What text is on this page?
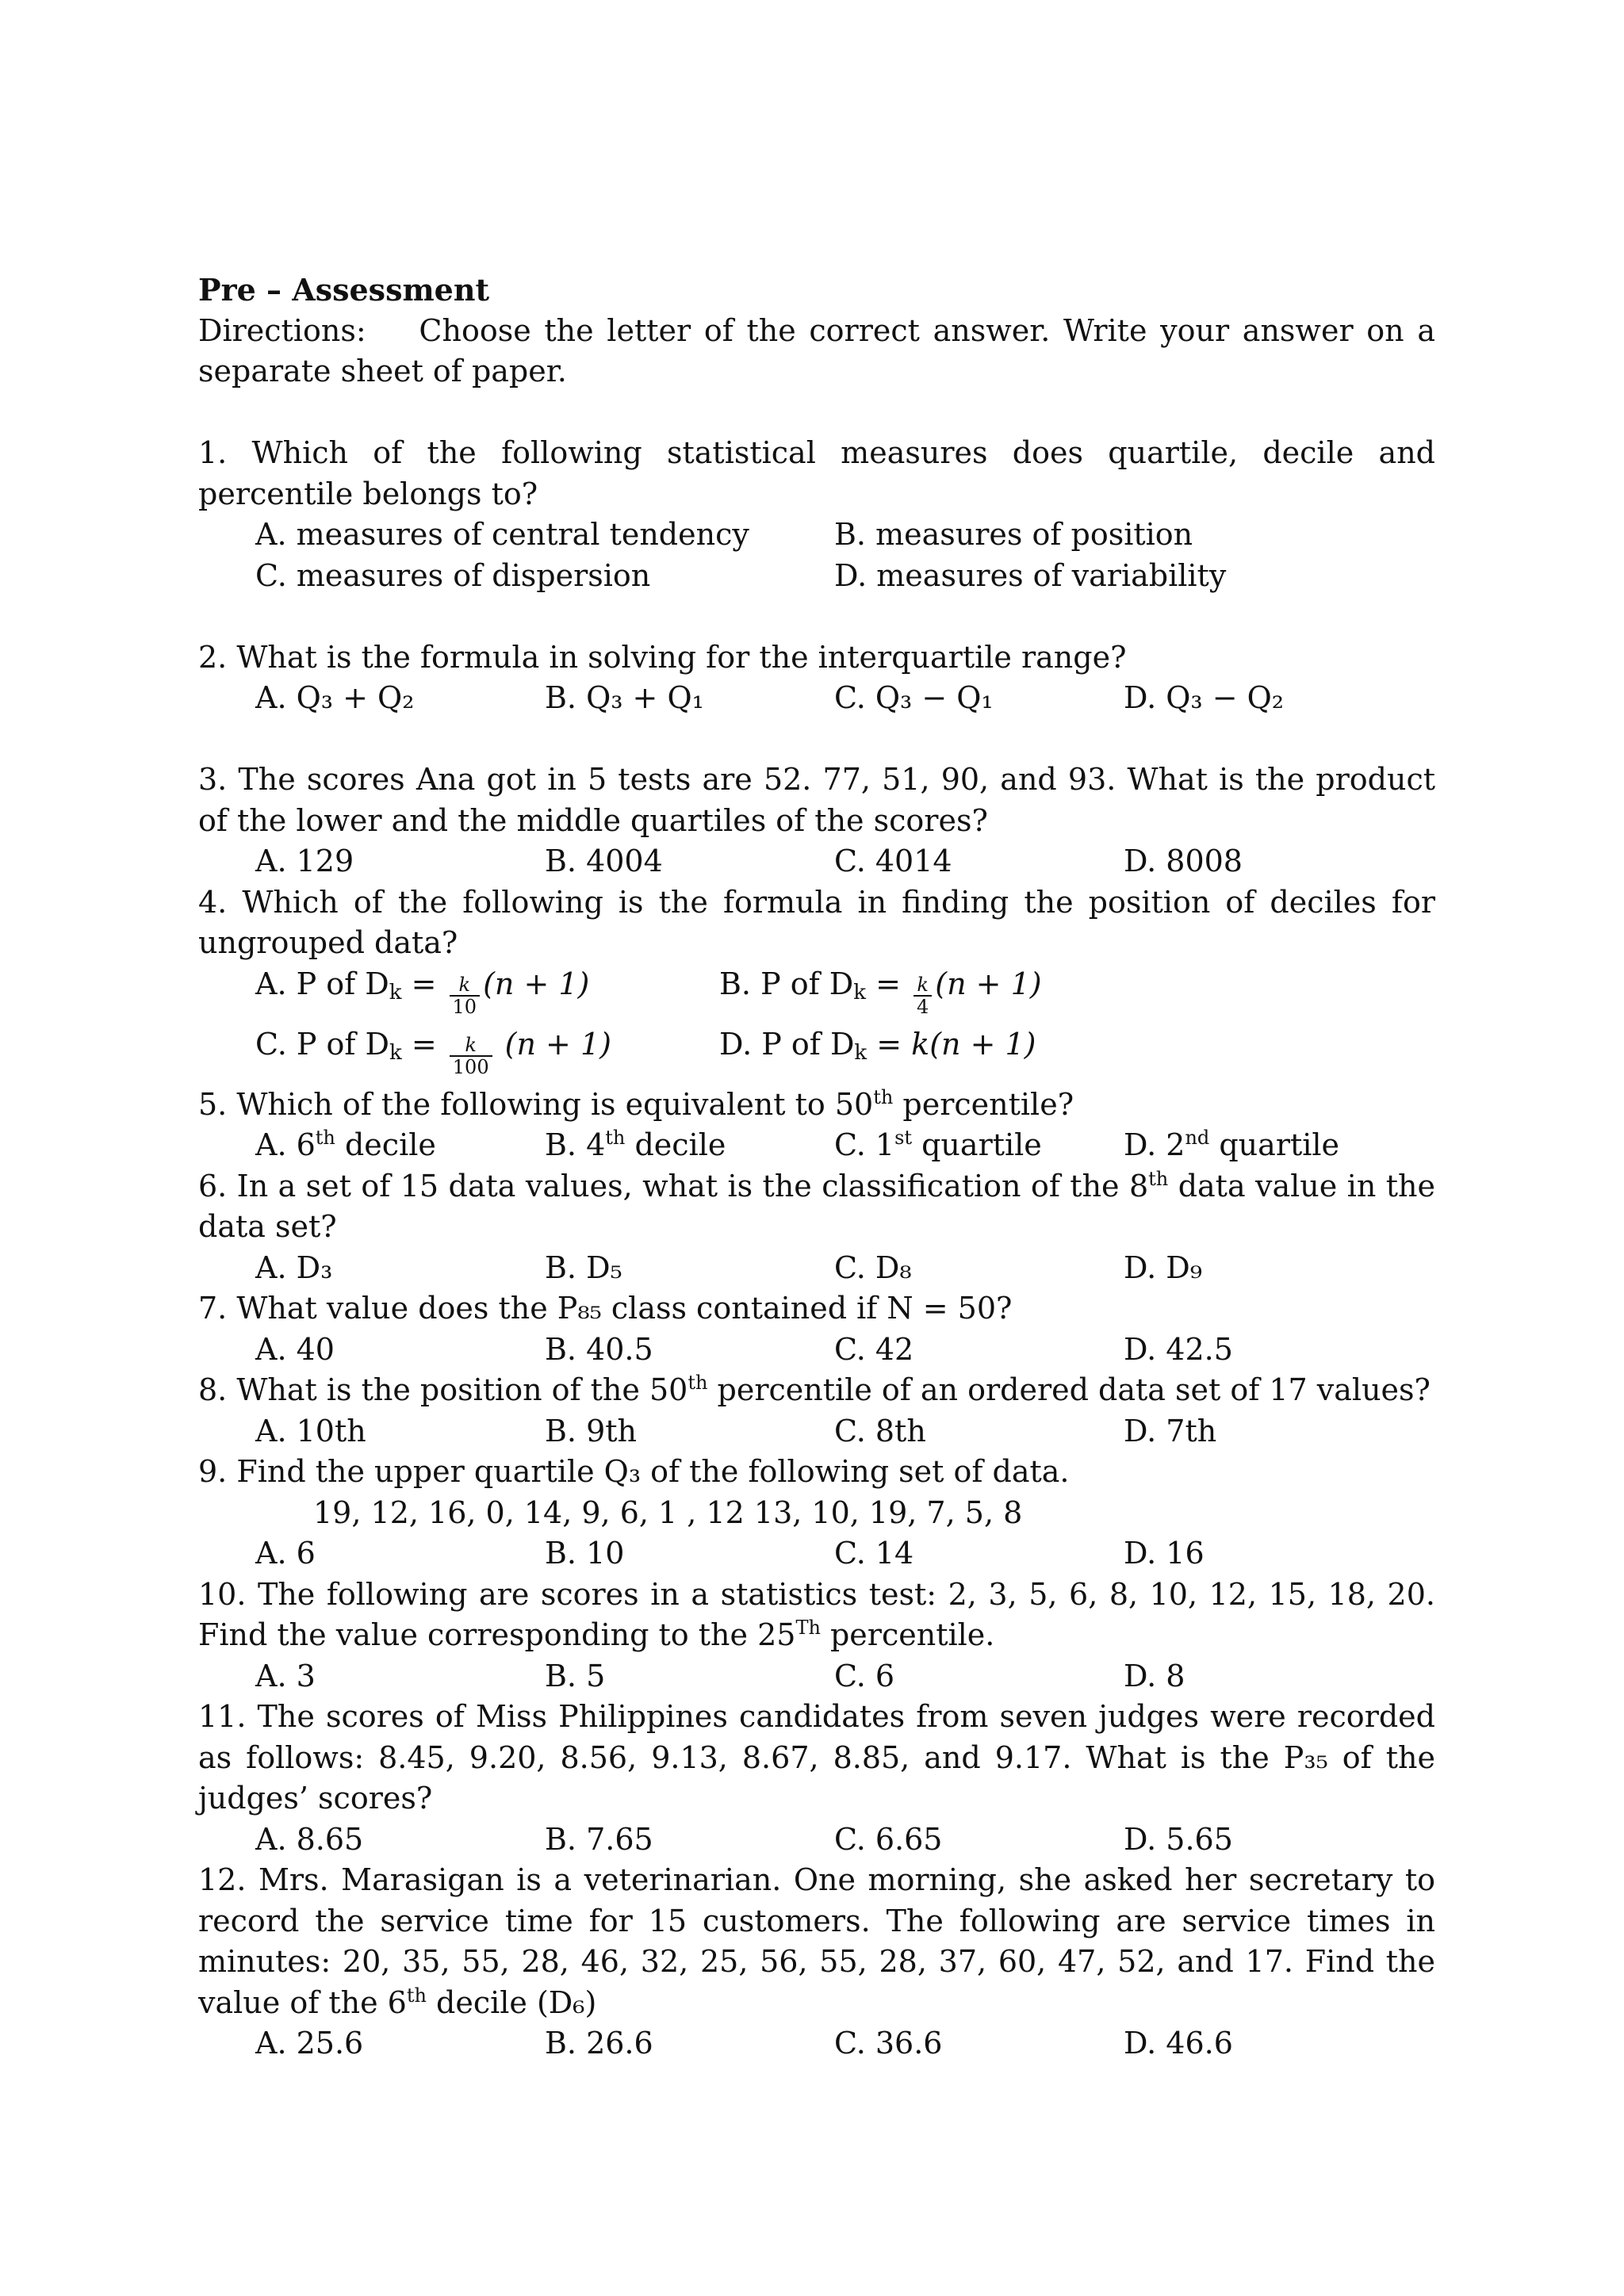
Pre – Assessment
Directions: Choose the letter of the correct answer. Write your answer on a separate sheet of paper.
1. Which of the following statistical measures does quartile, decile and percentile belongs to?
A. measures of central tendency	B. measures of position
C. measures of dispersion	D. measures of variability
2. What is the formula in solving for the interquartile range?
A. Q₃ + Q₂	B. Q₃ + Q₁	C. Q₃ − Q₁	D. Q₃ − Q₂
3. The scores Ana got in 5 tests are 52. 77, 51, 90, and 93. What is the product of the lower and the middle quartiles of the scores?
A. 129	B. 4004	C. 4014	D. 8008
4. Which of the following is the formula in finding the position of deciles for ungrouped data?
A. P of $D_k = \frac{k}{10} (n + 1)$	B. P of $D_k = \frac{k}{4} (n + 1)$
C. P of $D_k = \frac{k}{100} (n + 1)$	D. P of $D_k = k(n + 1)$
5. Which of the following is equivalent to 50th percentile?
A. 6th decile	B. 4th decile	C. 1st quartile	D. 2nd quartile
6. In a set of 15 data values, what is the classification of the 8th data value in the data set?
A. D₃	B. D₅	C. D₈	D. D₉
7. What value does the P₈₅ class contained if N = 50?
A. 40	B. 40.5	C. 42	D. 42.5
8. What is the position of the 50th percentile of an ordered data set of 17 values?
A. 10th	B. 9th	C. 8th	D. 7th
9. Find the upper quartile Q₃ of the following set of data.
19, 12, 16, 0, 14, 9, 6, 1 , 12 13, 10, 19, 7, 5, 8
A. 6	B. 10	C. 14	D. 16
10. The following are scores in a statistics test: 2, 3, 5, 6, 8, 10, 12, 15, 18, 20. Find the value corresponding to the 25Th percentile.
A. 3	B. 5	C. 6	D. 8
11. The scores of Miss Philippines candidates from seven judges were recorded as follows: 8.45, 9.20, 8.56, 9.13, 8.67, 8.85, and 9.17. What is the P₃₅ of the judges’ scores?
A. 8.65	B. 7.65	C. 6.65	D. 5.65
12. Mrs. Marasigan is a veterinarian. One morning, she asked her secretary to record the service time for 15 customers. The following are service times in minutes: 20, 35, 55, 28, 46, 32, 25, 56, 55, 28, 37, 60, 47, 52, and 17. Find the value of the 6th decile (D₆)
A. 25.6	B. 26.6	C. 36.6	D. 46.6
